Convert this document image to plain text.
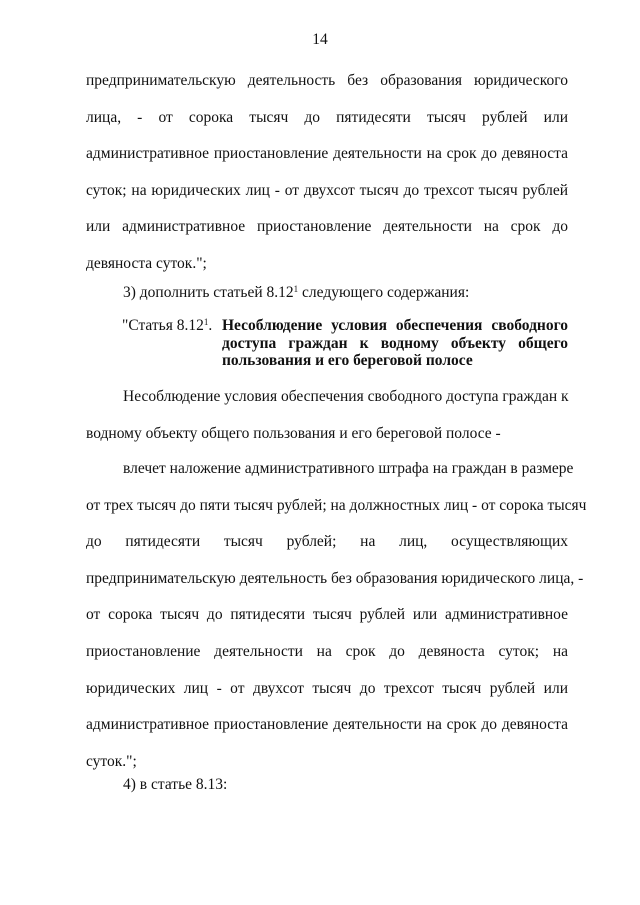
14
предпринимательскую деятельность без образования юридического
лица, - от сорока тысяч до пятидесяти тысяч рублей или
административное приостановление деятельности на срок до девяноста
суток; на юридических лиц - от двухсот тысяч до трехсот тысяч рублей
или административное приостановление деятельности на срок до
девяноста суток.";
3) дополнить статьей 8.12$^1$ следующего содержания:
"Статья 8.12$^1$. Несоблюдение условия обеспечения свободного доступа граждан к водному объекту общего пользования и его береговой полосе
Несоблюдение условия обеспечения свободного доступа граждан к
водному объекту общего пользования и его береговой полосе -
влечет наложение административного штрафа на граждан в размере
от трех тысяч до пяти тысяч рублей; на должностных лиц - от сорока тысяч
до пятидесяти тысяч рублей; на лиц, осуществляющих
предпринимательскую деятельность без образования юридического лица, -
от сорока тысяч до пятидесяти тысяч рублей или административное
приостановление деятельности на срок до девяноста суток; на
юридических лиц - от двухсот тысяч до трехсот тысяч рублей или
административное приостановление деятельности на срок до девяноста
суток.";
4) в статье 8.13:
